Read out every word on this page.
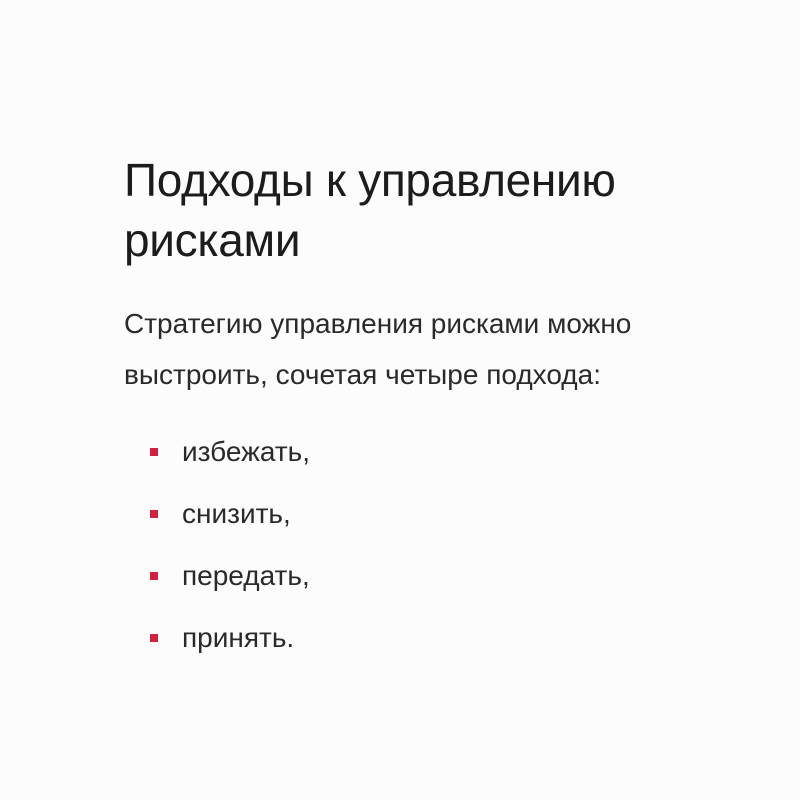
Подходы к управлению рисками

Стратегию управления рисками можно выстроить, сочетая четыре подхода:

избежать,
снизить,
передать,
принять.
